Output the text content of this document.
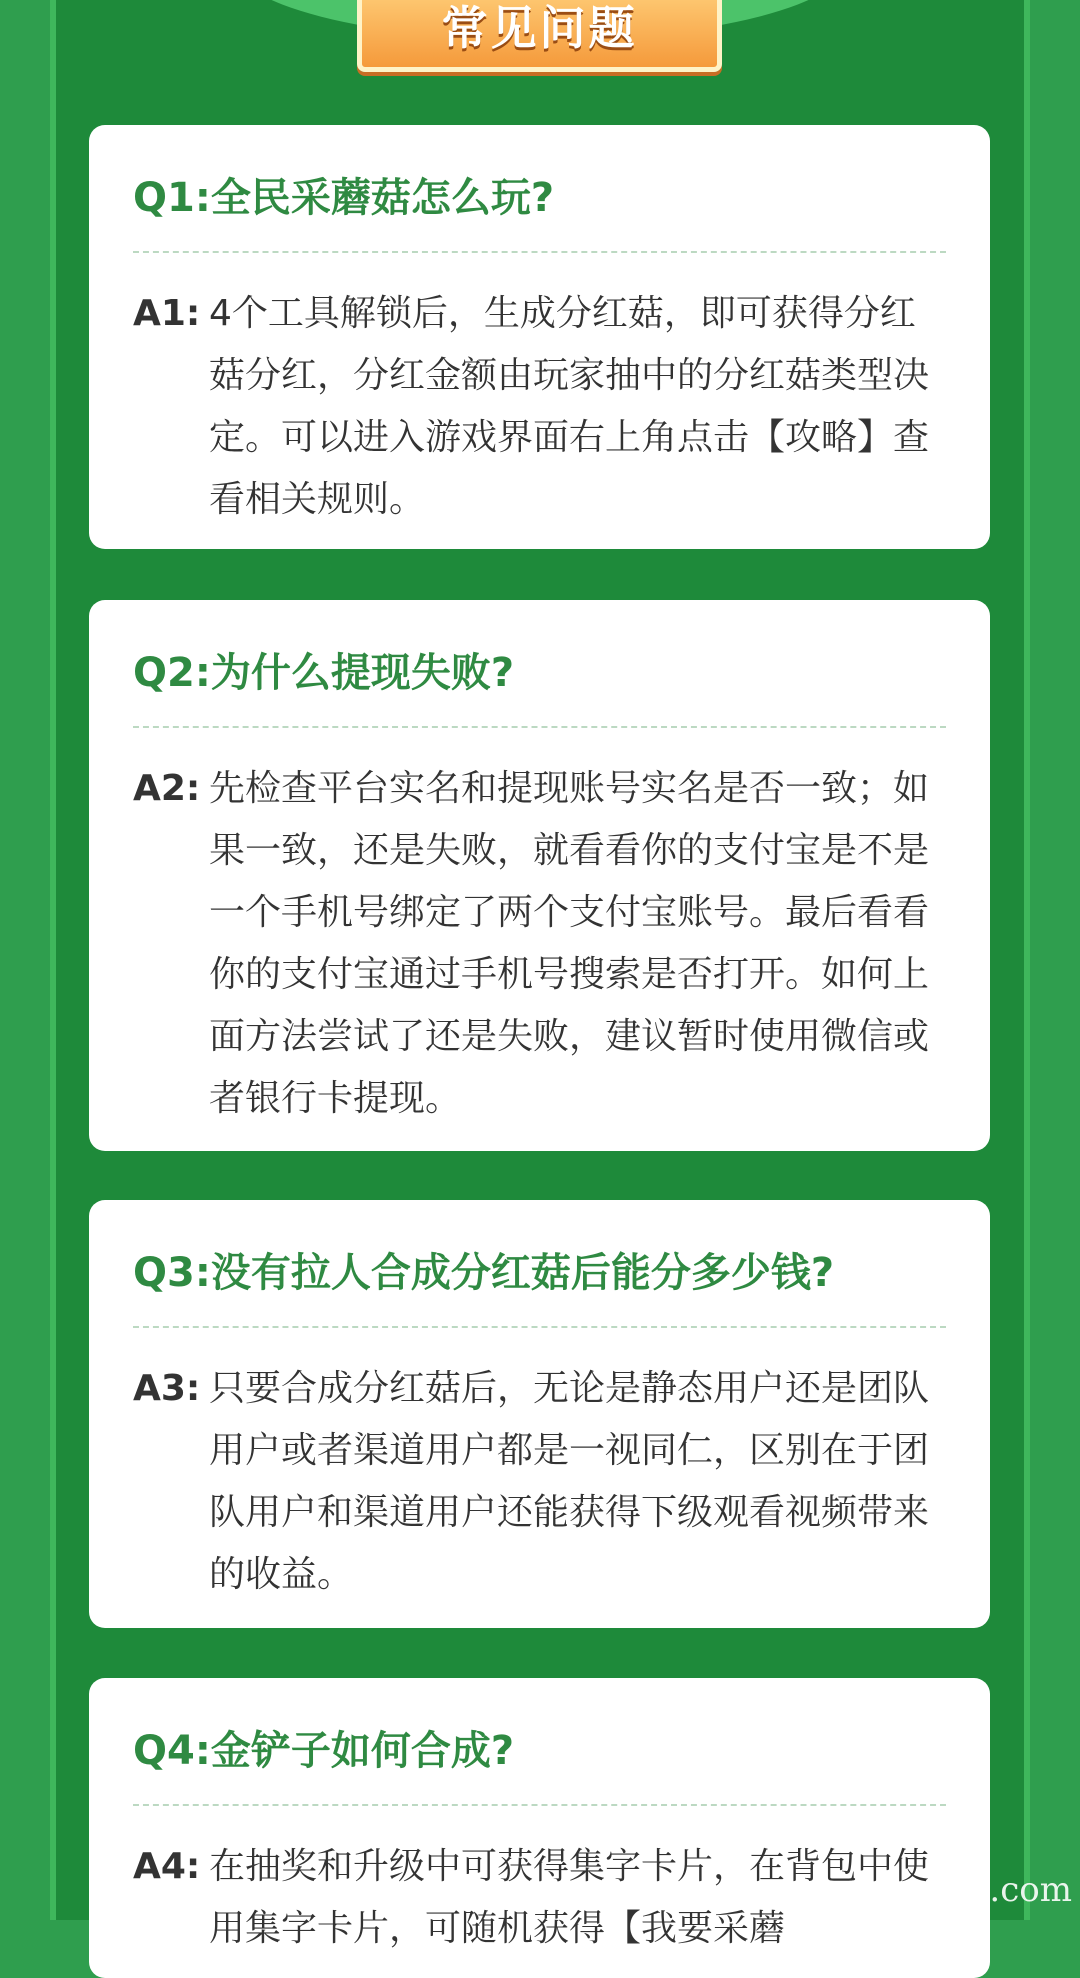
常见问题
Q1:全民采蘑菇怎么玩?
A1: 4个工具解锁后，生成分红菇，即可获得分红菇分红，分红金额由玩家抽中的分红菇类型决定。可以进入游戏界面右上角点击【攻略】查看相关规则。
Q2:为什么提现失败?
A2: 先检查平台实名和提现账号实名是否一致；如果一致，还是失败，就看看你的支付宝是不是一个手机号绑定了两个支付宝账号。最后看看你的支付宝通过手机号搜索是否打开。如何上面方法尝试了还是失败，建议暂时使用微信或者银行卡提现。
Q3:没有拉人合成分红菇后能分多少钱?
A3: 只要合成分红菇后，无论是静态用户还是团队用户或者渠道用户都是一视同仁，区别在于团队用户和渠道用户还能获得下级观看视频带来的收益。
Q4:金铲子如何合成?
A4: 在抽奖和升级中可获得集字卡片，在背包中使用集字卡片，可随机获得【我要采蘑
818.com
